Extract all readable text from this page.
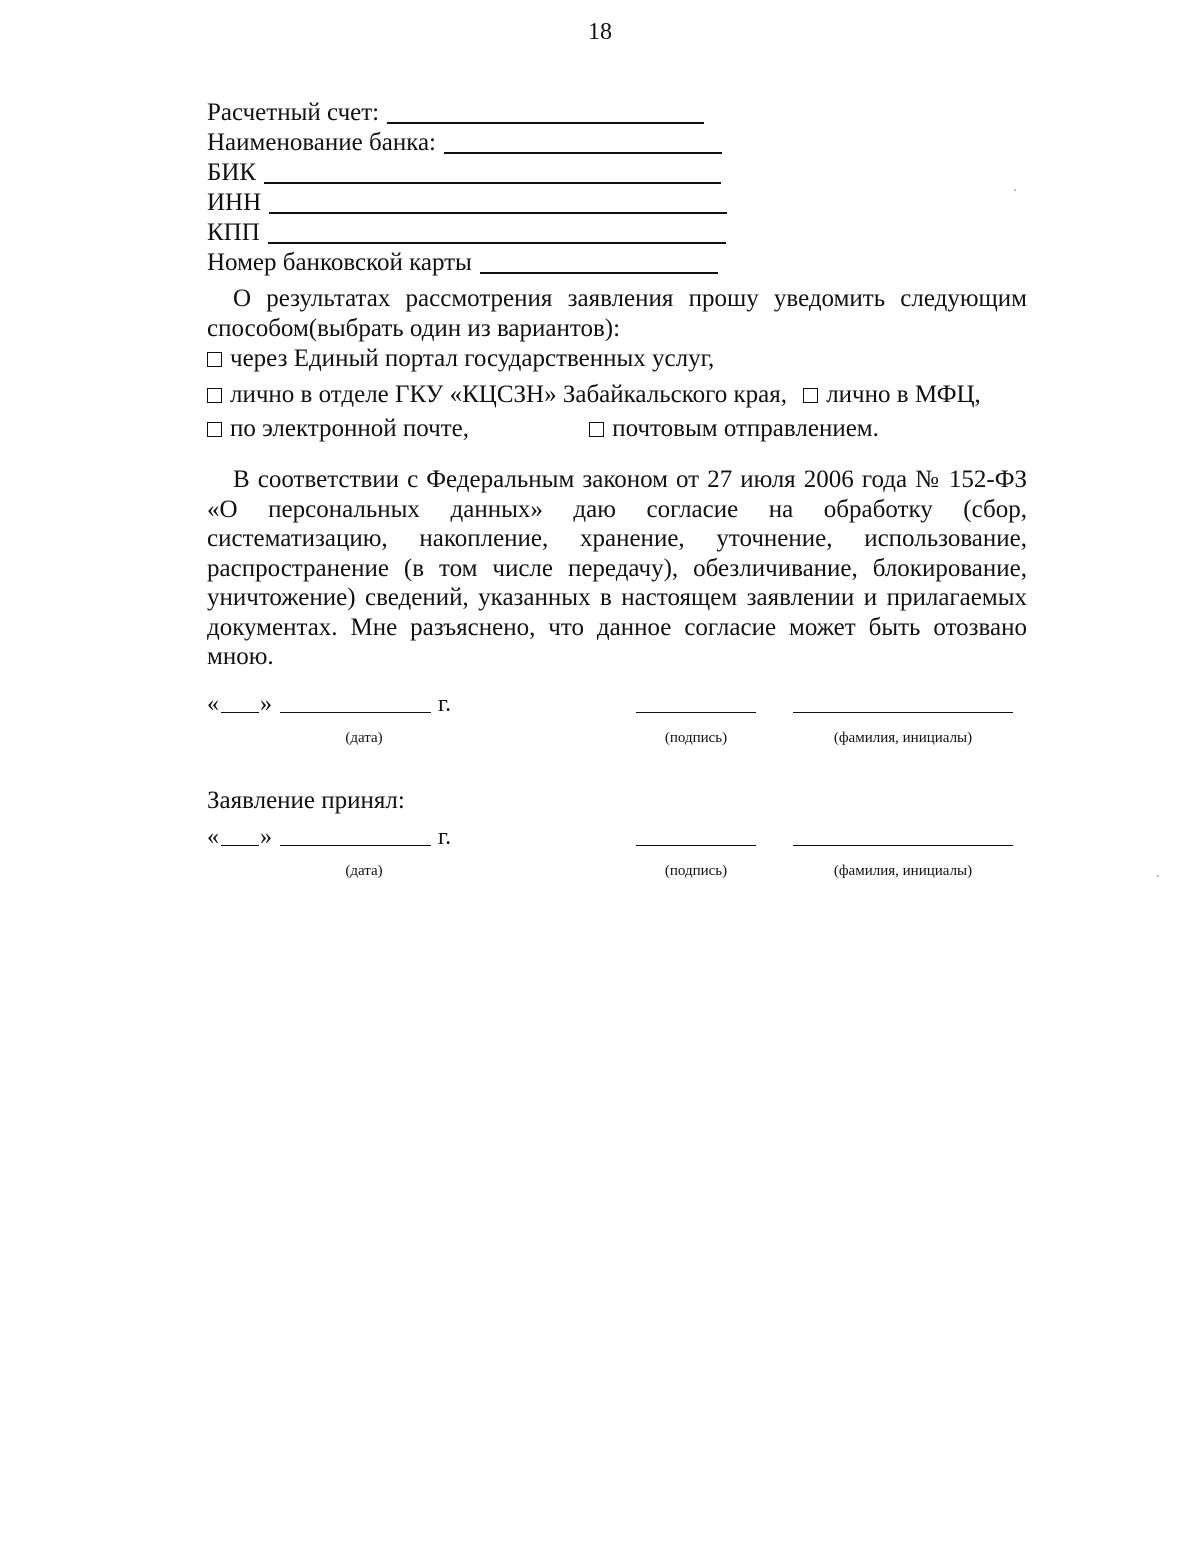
18
Расчетный счет:
Наименование банка:
БИК
ИНН
КПП
Номер банковской карты
О результатах рассмотрения заявления прошу уведомить следующим способом(выбрать один из вариантов):
через Единый портал государственных услуг,
лично в отделе ГКУ «КЦСЗН» Забайкальского края, лично в МФЦ,
по электронной почте,	почтовым отправлением.
В соответствии с Федеральным законом от 27 июля 2006 года № 152-ФЗ «О персональных данных» даю согласие на обработку (сбор, систематизацию, накопление, хранение, уточнение, использование, распространение (в том числе передачу), обезличивание, блокирование, уничтожение) сведений, указанных в настоящем заявлении и прилагаемых документах. Мне разъяснено, что данное согласие может быть отозвано мною.
« »	г.
(дата)	(подпись)	(фамилия, инициалы)
Заявление принял:
« »	г.
(дата)	(подпись)	(фамилия, инициалы)
